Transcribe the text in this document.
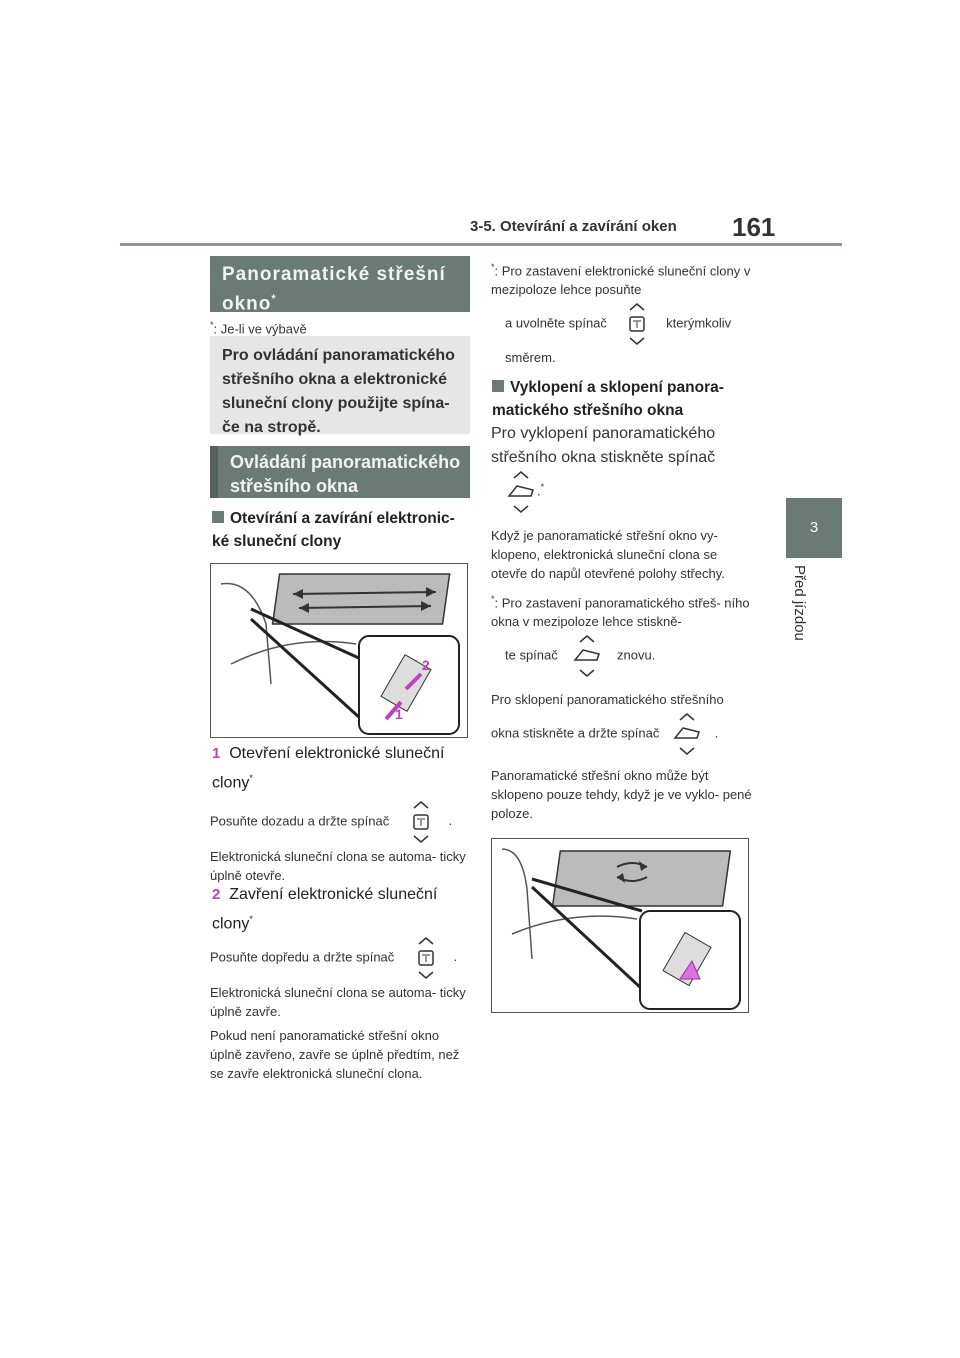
3-5. Otevírání a zavírání oken 161
3
Před jízdou
Panoramatické střešní okno*
*: Je-li ve výbavě
Pro ovládání panoramatického střešního okna a elektronické sluneční clony použijte spína- če na stropě.
Ovládání panoramatického střešního okna
Otevírání a zavírání elektronic- ké sluneční clony
2
1
1 Otevření elektronické sluneční clony*
Posuňte dozadu a držte spínač	.
Elektronická sluneční clona se automa- ticky úplně otevře.
2 Zavření elektronické sluneční clony*
Posuňte dopředu a držte spínač	.
Elektronická sluneční clona se automa- ticky úplně zavře.
Pokud není panoramatické střešní okno úplně zavřeno, zavře se úplně předtím, než se zavře elektronická sluneční clona.
*: Pro zastavení elektronické sluneční clony v mezipoloze lehce posuňte
a uvolněte spínač	kterýmkoliv
směrem.
Vyklopení a sklopení panora- matického střešního okna
Pro vyklopení panoramatického střešního okna stiskněte spínač
.*
Když je panoramatické střešní okno vy- klopeno, elektronická sluneční clona se otevře do napůl otevřené polohy střechy.
*: Pro zastavení panoramatického střeš- ního okna v mezipoloze lehce stiskně-
te spínač	znovu.
Pro sklopení panoramatického střešního
okna stiskněte a držte spínač	.
Panoramatické střešní okno může být sklopeno pouze tehdy, když je ve vyklo- pené poloze.
